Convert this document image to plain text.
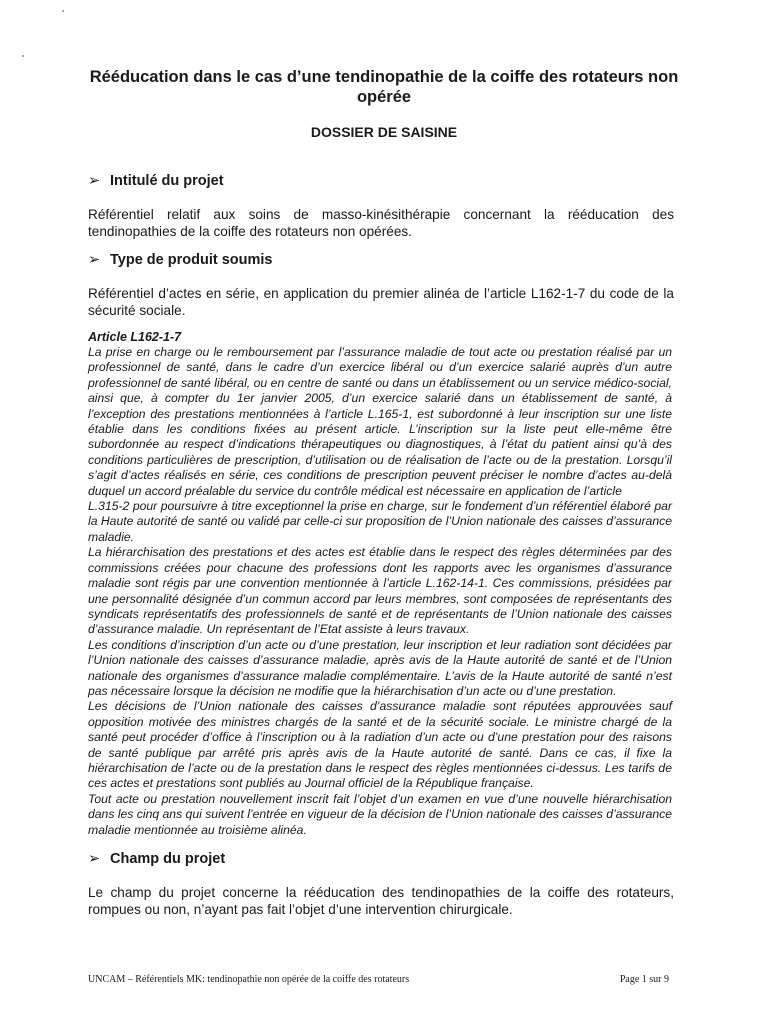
Rééducation dans le cas d’une tendinopathie de la coiffe des rotateurs non opérée
DOSSIER DE SAISINE
➢ Intitulé du projet
Référentiel relatif aux soins de masso-kinésithérapie concernant la rééducation des tendinopathies de la coiffe des rotateurs non opérées.
➢ Type de produit soumis
Référentiel d’actes en série, en application du premier alinéa de l’article L162-1-7 du code de la sécurité sociale.
Article L162-1-7

La prise en charge ou le remboursement par l’assurance maladie de tout acte ou prestation réalisé par un professionnel de santé, dans le cadre d’un exercice libéral ou d’un exercice salarié auprès d’un autre professionnel de santé libéral, ou en centre de santé ou dans un établissement ou un service médico-social, ainsi que, à compter du 1er janvier 2005, d’un exercice salarié dans un établissement de santé, à l’exception des prestations mentionnées à l’article L.165-1, est subordonné à leur inscription sur une liste établie dans les conditions fixées au présent article. L’inscription sur la liste peut elle-même être subordonnée au respect d’indications thérapeutiques ou diagnostiques, à l’état du patient ainsi qu’à des conditions particulières de prescription, d’utilisation ou de réalisation de l’acte ou de la prestation. Lorsqu’il s’agit d’actes réalisés en série, ces conditions de prescription peuvent préciser le nombre d’actes au-delà duquel un accord préalable du service du contrôle médical est nécessaire en application de l’article

L.315-2 pour poursuivre à titre exceptionnel la prise en charge, sur le fondement d’un référentiel élaboré par la Haute autorité de santé ou validé par celle-ci sur proposition de l’Union nationale des caisses d’assurance maladie.

La hiérarchisation des prestations et des actes est établie dans le respect des règles déterminées par des commissions créées pour chacune des professions dont les rapports avec les organismes d’assurance maladie sont régis par une convention mentionnée à l’article L.162-14-1. Ces commissions, présidées par une personnalité désignée d’un commun accord par leurs membres, sont composées de représentants des syndicats représentatifs des professionnels de santé et de représentants de l’Union nationale des caisses d’assurance maladie. Un représentant de l’Etat assiste à leurs travaux.

Les conditions d’inscription d’un acte ou d’une prestation, leur inscription et leur radiation sont décidées par l’Union nationale des caisses d’assurance maladie, après avis de la Haute autorité de santé et de l’Union nationale des organismes d’assurance maladie complémentaire. L’avis de la Haute autorité de santé n’est pas nécessaire lorsque la décision ne modifie que la hiérarchisation d’un acte ou d’une prestation.

Les décisions de l’Union nationale des caisses d’assurance maladie sont réputées approuvées sauf opposition motivée des ministres chargés de la santé et de la sécurité sociale. Le ministre chargé de la santé peut procéder d’office à l’inscription ou à la radiation d’un acte ou d’une prestation pour des raisons de santé publique par arrêté pris après avis de la Haute autorité de santé. Dans ce cas, il fixe la hiérarchisation de l’acte ou de la prestation dans le respect des règles mentionnées ci-dessus. Les tarifs de ces actes et prestations sont publiés au Journal officiel de la République française.

Tout acte ou prestation nouvellement inscrit fait l’objet d’un examen en vue d’une nouvelle hiérarchisation dans les cinq ans qui suivent l’entrée en vigueur de la décision de l’Union nationale des caisses d’assurance maladie mentionnée au troisième alinéa.

➢ Champ du projet
Le champ du projet concerne la rééducation des tendinopathies de la coiffe des rotateurs, rompues ou non, n’ayant pas fait l’objet d’une intervention chirurgicale.
UNCAM – Référentiels MK: tendinopathie non opérée de la coiffe des rotateurs	Page 1 sur 9
